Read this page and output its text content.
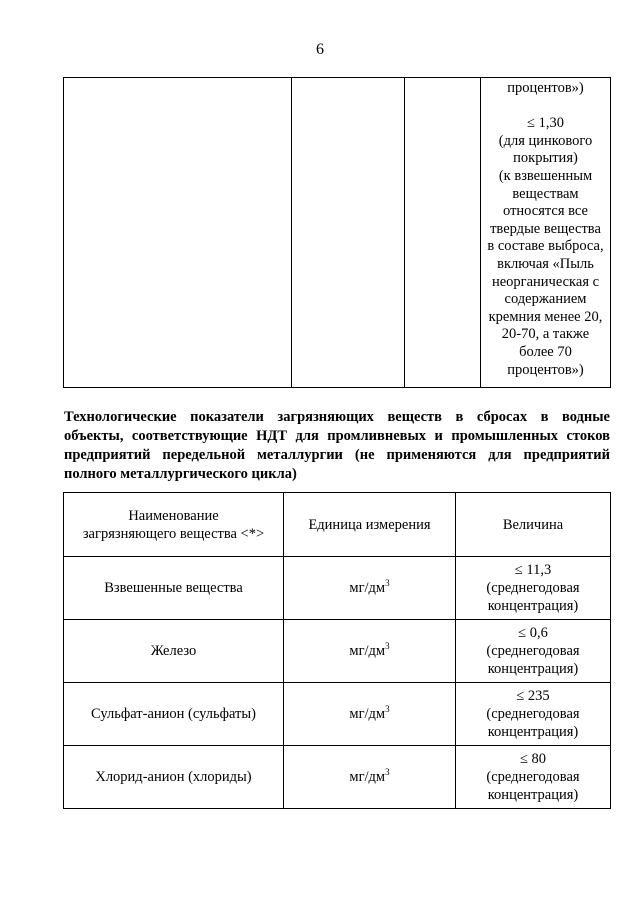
6

процентов»)
≤ 1,30
(для цинкового
покрытия)
(к взвешенным
веществам
относятся все
твердые вещества
в составе выброса,
включая «Пыль
неорганическая с
содержанием
кремния менее 20,
20-70, а также
более 70
процентов»)
Технологические показатели загрязняющих веществ в сбросах в водные
объекты, соответствующие НДТ для промливневых и промышленных стоков
предприятий передельной металлургии (не применяются для предприятий
полного металлургического цикла)
Наименование загрязняющего вещества <*>	Единица измерения	Величина
Взвешенные вещества	$мг/дм^3$	≤ 11,3
(среднегодовая
концентрация)

Железо	$мг/дм^3$	≤ 0,6
(среднегодовая
концентрация)

Сульфат-анион (сульфаты)	$мг/дм^3$	≤ 235
(среднегодовая
концентрация)

Хлорид-анион (хлориды)	$мг/дм^3$	≤ 80
(среднегодовая
концентрация)
